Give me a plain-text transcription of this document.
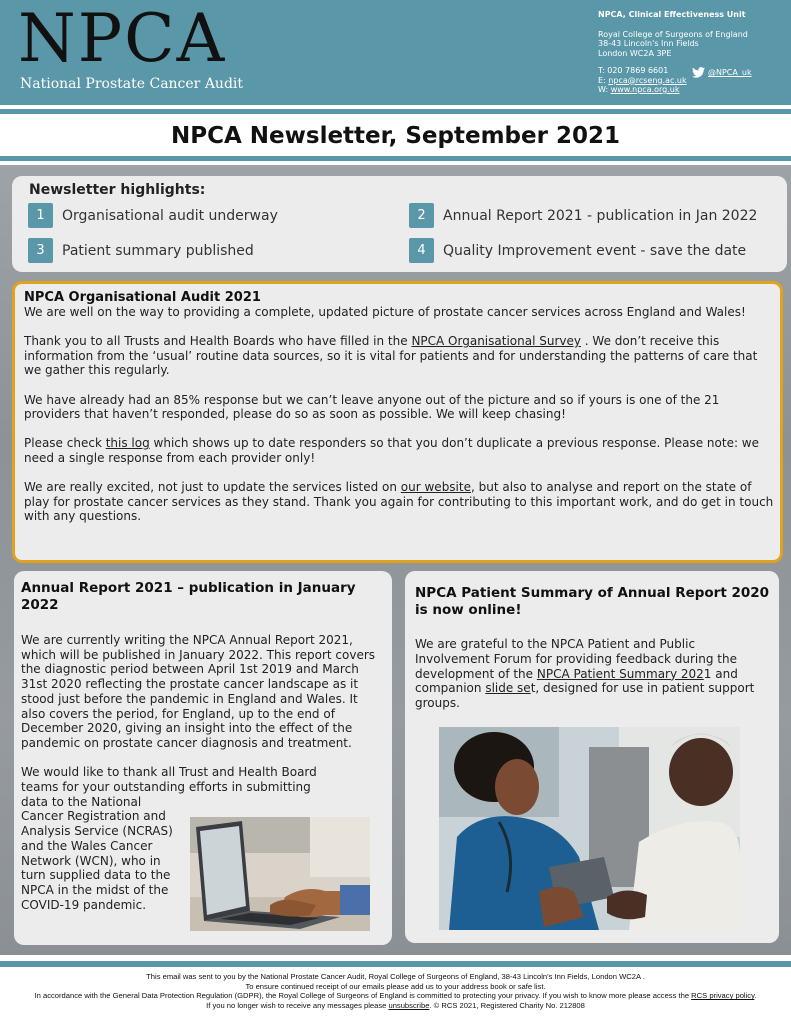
NPCA
National Prostate Cancer Audit
NPCA, Clinical Effectiveness Unit
Royal College of Surgeons of England
38-43 Lincoln's Inn Fields
London WC2A 3PE
T: 020 7869 6601
E: npca@rcseng.ac.uk
W: www.npca.org.uk
@NPCA_uk
NPCA Newsletter, September 2021
Newsletter highlights:
1	Organisational audit underway	2	Annual Report 2021 - publication in Jan 2022
3	Patient summary published	4	Quality Improvement event - save the date
NPCA Organisational Audit 2021

We are well on the way to providing a complete, updated picture of prostate cancer services across England and Wales!

Thank you to all Trusts and Health Boards who have filled in the NPCA Organisational Survey . We don’t receive this information from the ‘usual’ routine data sources, so it is vital for patients and for understanding the patterns of care that we gather this regularly.

We have already had an 85% response but we can’t leave anyone out of the picture and so if yours is one of the 21 providers that haven’t responded, please do so as soon as possible. We will keep chasing!

Please check this log which shows up to date responders so that you don’t duplicate a previous response. Please note: we need a single response from each provider only!

We are really excited, not just to update the services listed on our website, but also to analyse and report on the state of play for prostate cancer services as they stand. Thank you again for contributing to this important work, and do get in touch with any questions.

Annual Report 2021 – publication in January 2022

We are currently writing the NPCA Annual Report 2021, which will be published in January 2022. This report covers the diagnostic period between April 1st 2019 and March 31st 2020 reflecting the prostate cancer landscape as it stood just before the pandemic in England and Wales. It also covers the period, for England, up to the end of December 2020, giving an insight into the effect of the pandemic on prostate cancer diagnosis and treatment.

We would like to thank all Trust and Health Board teams for your outstanding efforts in submitting
data to the National Cancer Registration and Analysis Service (NCRAS) and the Wales Cancer Network (WCN), who in turn supplied data to the NPCA in the midst of the COVID-19 pandemic.
NPCA Patient Summary of Annual Report 2020 is now online!

We are grateful to the NPCA Patient and Public Involvement Forum for providing feedback during the development of the NPCA Patient Summary 2021 and companion slide set, designed for use in patient support groups.

This email was sent to you by the National Prostate Cancer Audit, Royal College of Surgeons of England, 38-43 Lincoln's Inn Fields, London WC2A .
To ensure continued receipt of our emails please add us to your address book or safe list.
In accordance with the General Data Protection Regulation (GDPR), the Royal College of Surgeons of England is committed to protecting your privacy. If you wish to know more please access the RCS privacy policy.
If you no longer wish to receive any messages please unsubscribe. © RCS 2021, Registered Charity No. 212808
